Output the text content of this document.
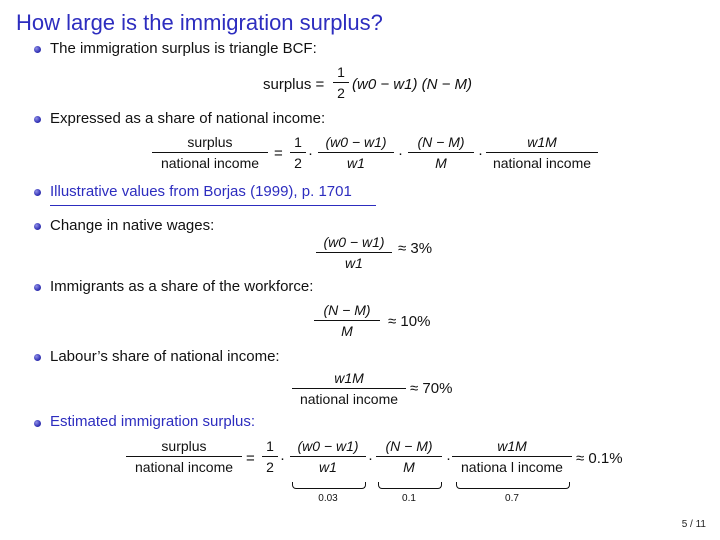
How large is the immigration surplus?
The immigration surplus is triangle BCF:
surplus =
1
2 (w0 − w1) (N − M)
Expressed as a share of national income:
surplus
national income
=
1
2
·
(w0 − w1)
w1
·
(N − M)
M
·
w1M
national income
Illustrative values from Borjas (1999), p. 1701
Change in native wages:
(w0 − w1)
w1
≈ 3%
Immigrants as a share of the workforce:
(N − M)
M
≈ 10%
Labour’s share of national income:
w1M
national income
≈ 70%
Estimated immigration surplus:
surplus
national income =
1
2 ·
(w0 − w1)
w1	·
(N − M)
M	·
w1M
nationa l income ≈ 0.1%
0.03	0.1	0.7
5 / 11
